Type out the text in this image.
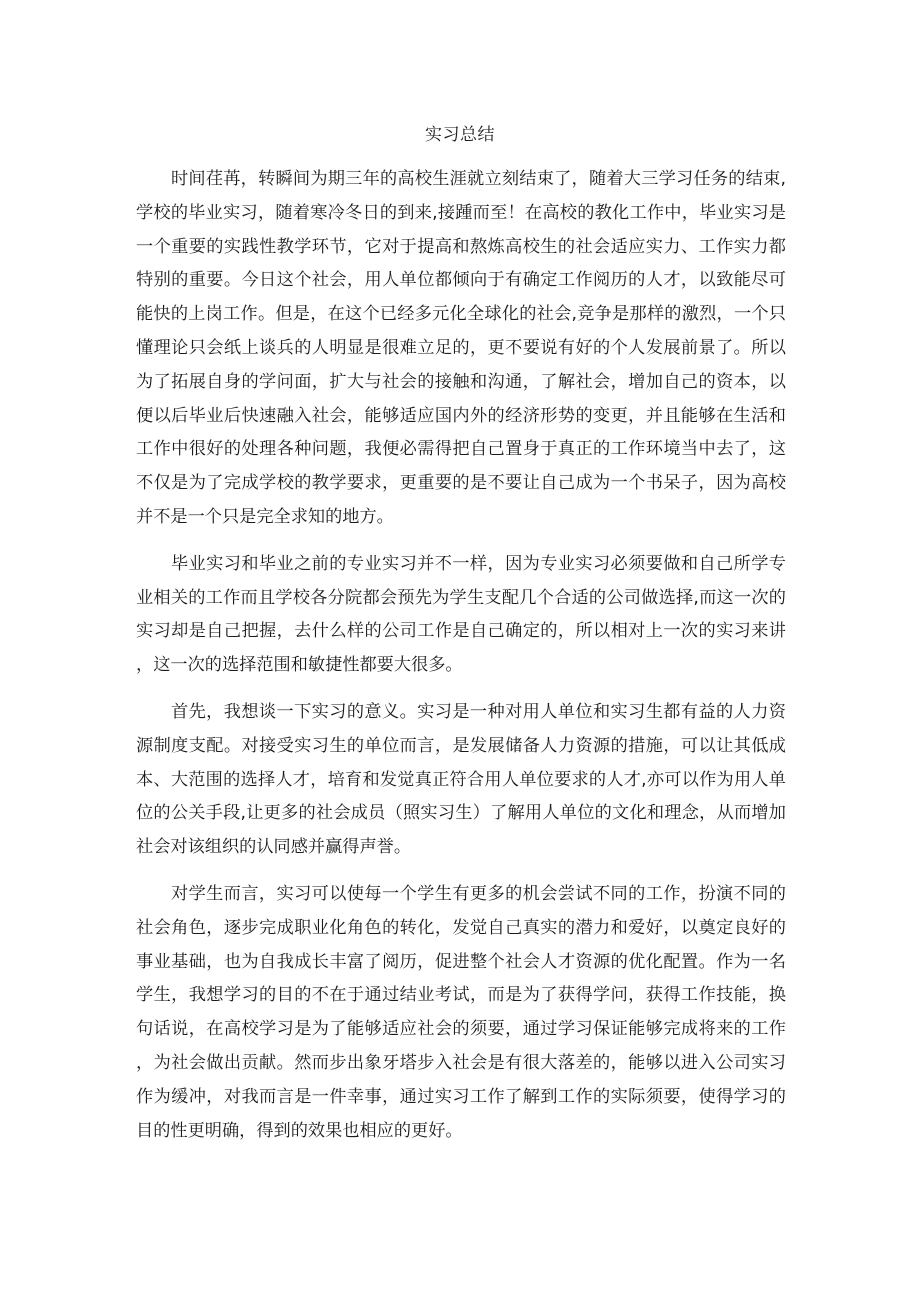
实习总结

时间荏苒，转瞬间为期三年的高校生涯就立刻结束了，随着大三学习任务的结束,学校的毕业实习，随着寒冷冬日的到来,接踵而至！在高校的教化工作中，毕业实习是一个重要的实践性教学环节，它对于提高和熬炼高校生的社会适应实力、工作实力都特别的重要。今日这个社会，用人单位都倾向于有确定工作阅历的人才，以致能尽可能快的上岗工作。但是，在这个已经多元化全球化的社会,竞争是那样的激烈，一个只懂理论只会纸上谈兵的人明显是很难立足的，更不要说有好的个人发展前景了。所以为了拓展自身的学问面，扩大与社会的接触和沟通，了解社会，增加自己的资本，以便以后毕业后快速融入社会，能够适应国内外的经济形势的变更，并且能够在生活和工作中很好的处理各种问题，我便必需得把自己置身于真正的工作环境当中去了，这不仅是为了完成学校的教学要求，更重要的是不要让自己成为一个书呆子，因为高校并不是一个只是完全求知的地方。

毕业实习和毕业之前的专业实习并不一样，因为专业实习必须要做和自己所学专业相关的工作而且学校各分院都会预先为学生支配几个合适的公司做选择,而这一次的实习却是自己把握，去什么样的公司工作是自己确定的，所以相对上一次的实习来讲，这一次的选择范围和敏捷性都要大很多。

首先，我想谈一下实习的意义。实习是一种对用人单位和实习生都有益的人力资源制度支配。对接受实习生的单位而言，是发展储备人力资源的措施，可以让其低成本、大范围的选择人才，培育和发觉真正符合用人单位要求的人才,亦可以作为用人单位的公关手段,让更多的社会成员（照实习生）了解用人单位的文化和理念，从而增加社会对该组织的认同感并赢得声誉。

对学生而言，实习可以使每一个学生有更多的机会尝试不同的工作，扮演不同的社会角色，逐步完成职业化角色的转化，发觉自己真实的潜力和爱好，以奠定良好的事业基础，也为自我成长丰富了阅历，促进整个社会人才资源的优化配置。作为一名学生，我想学习的目的不在于通过结业考试，而是为了获得学问，获得工作技能，换句话说，在高校学习是为了能够适应社会的须要，通过学习保证能够完成将来的工作，为社会做出贡献。然而步出象牙塔步入社会是有很大落差的，能够以进入公司实习作为缓冲，对我而言是一件幸事，通过实习工作了解到工作的实际须要，使得学习的目的性更明确，得到的效果也相应的更好。
